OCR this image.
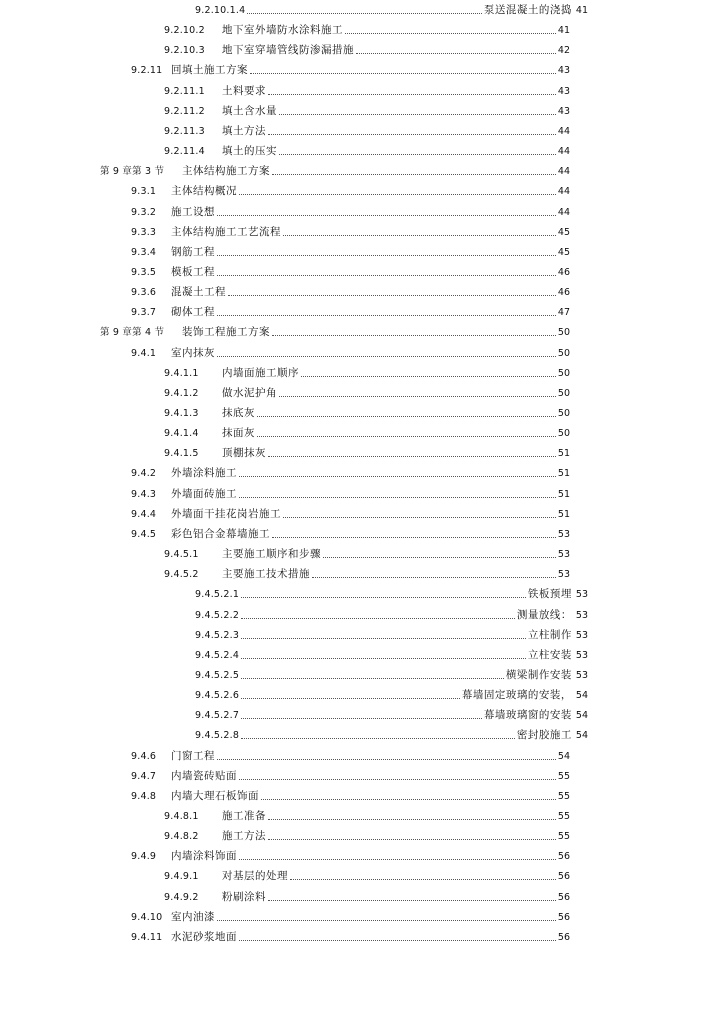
9.2.10.1.4	泵送混凝土的浇捣 41
9.2.10.2	地下室外墙防水涂料施工	41
9.2.10.3	地下室穿墙管线防渗漏措施	42
9.2.11 回填土施工方案	43
9.2.11.1	土料要求	43
9.2.11.2	填土含水量	43
9.2.11.3	填土方法	44
9.2.11.4	填土的压实	44
第 9 章第 3 节	主体结构施工方案	44
9.3.1	主体结构概况	44
9.3.2	施工设想	44
9.3.3	主体结构施工工艺流程	45
9.3.4	钢筋工程	45
9.3.5	模板工程	46
9.3.6	混凝土工程	46
9.3.7	砌体工程	47
第 9 章第 4 节	装饰工程施工方案	50
9.4.1	室内抹灰	50
9.4.1.1	内墙面施工顺序	50
9.4.1.2	做水泥护角	50
9.4.1.3	抹底灰	50
9.4.1.4	抹面灰	50
9.4.1.5	顶棚抹灰	51
9.4.2	外墙涂料施工	51
9.4.3	外墙面砖施工	51
9.4.4	外墙面干挂花岗岩施工	51
9.4.5	彩色铝合金幕墙施工	53
9.4.5.1	主要施工顺序和步骤	53
9.4.5.2	主要施工技术措施	53
9.4.5.2.1	铁板预埋 53
9.4.5.2.2	测量放线： 53
9.4.5.2.3	立柱制作 53
9.4.5.2.4	立柱安装 53
9.4.5.2.5	横梁制作安装 53
9.4.5.2.6	幕墙固定玻璃的安装， 54
9.4.5.2.7	幕墙玻璃窗的安装 54
9.4.5.2.8	密封胶施工 54
9.4.6	门窗工程	54
9.4.7	内墙瓷砖贴面	55
9.4.8	内墙大理石板饰面	55
9.4.8.1	施工准备	55
9.4.8.2	施工方法	55
9.4.9	内墙涂料饰面	56
9.4.9.1	对基层的处理	56
9.4.9.2	粉刷涂料	56
9.4.10 室内油漆	56
9.4.11 水泥砂浆地面	56
